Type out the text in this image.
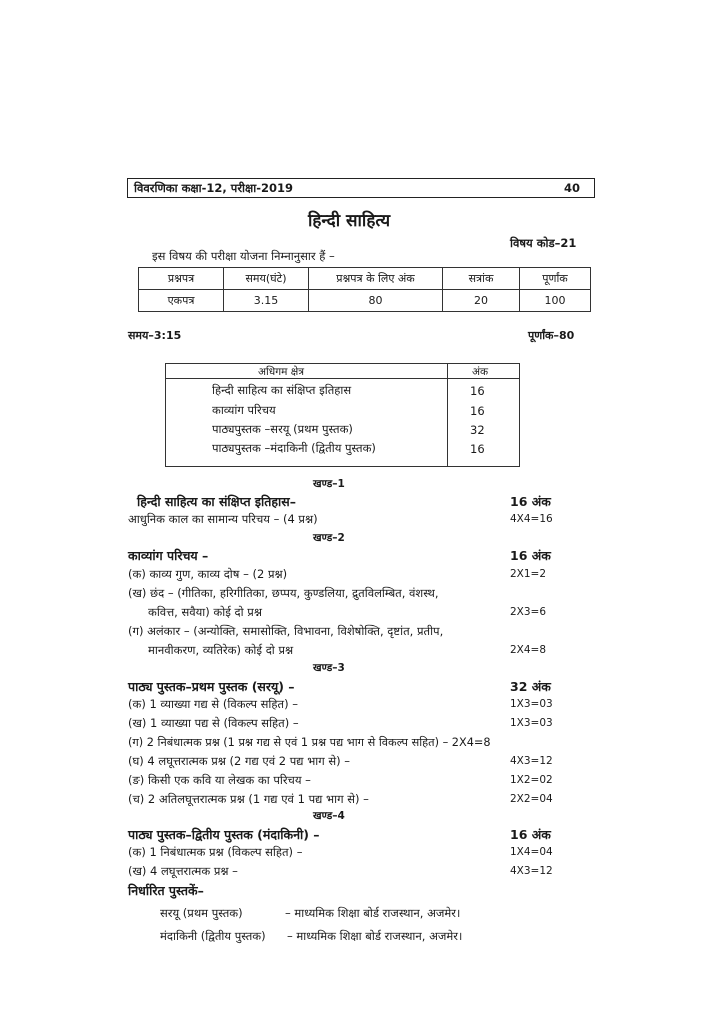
विवरणिका कक्षा-12, परीक्षा-2019	40
हिन्दी साहित्य
विषय कोड–21
इस विषय की परीक्षा योजना निम्नानुसार हैं –
प्रश्नपत्र	समय(घंटे)	प्रश्नपत्र के लिए अंक	सत्रांक	पूर्णांक
एकपत्र	3.15	80	20	100
समय–3:15	पूर्णांक–80
अधिगम क्षेत्र	अंक
हिन्दी साहित्य का संक्षिप्त इतिहास	16
काव्यांग परिचय	16
पाठ्यपुस्तक –सरयू (प्रथम पुस्तक)	32
पाठ्यपुस्तक –मंदाकिनी (द्वितीय पुस्तक)	16
खण्ड–1
हिन्दी साहित्य का संक्षिप्त इतिहास–	16 अंक
आधुनिक काल का सामान्य परिचय – (4 प्रश्न)	4X4=16
खण्ड–2
काव्यांग परिचय –	16 अंक
(क) काव्य गुण, काव्य दोष – (2 प्रश्न)	2X1=2
(ख) छंद – (गीतिका, हरिगीतिका, छप्पय, कुण्डलिया, द्रुतविलम्बित, वंशस्थ,
कवित्त, सवैया) कोई दो प्रश्न	2X3=6
(ग) अलंकार – (अन्योक्ति, समासोक्ति, विभावना, विशेषोक्ति, दृष्टांत, प्रतीप,
मानवीकरण, व्यतिरेक) कोई दो प्रश्न	2X4=8
खण्ड–3
पाठ्य पुस्तक–प्रथम पुस्तक (सरयू) –	32 अंक
(क) 1 व्याख्या गद्य से (विकल्प सहित) –	1X3=03
(ख) 1 व्याख्या पद्य से (विकल्प सहित) –	1X3=03
(ग) 2 निबंधात्मक प्रश्न (1 प्रश्न गद्य से एवं 1 प्रश्न पद्य भाग से विकल्प सहित) – 2X4=8
(घ) 4 लघूत्तरात्मक प्रश्न (2 गद्य एवं 2 पद्य भाग से) –	4X3=12
(ङ) किसी एक कवि या लेखक का परिचय –	1X2=02
(च) 2 अतिलघूत्तरात्मक प्रश्न (1 गद्य एवं 1 पद्य भाग से) –	2X2=04
खण्ड–4
पाठ्य पुस्तक–द्वितीय पुस्तक (मंदाकिनी) –	16 अंक
(क) 1 निबंधात्मक प्रश्न (विकल्प सहित) –	1X4=04
(ख) 4 लघूत्तरात्मक प्रश्न –	4X3=12
निर्धारित पुस्तकें–
सरयू (प्रथम पुस्तक)	– माध्यमिक शिक्षा बोर्ड राजस्थान, अजमेर।
मंदाकिनी (द्वितीय पुस्तक) – माध्यमिक शिक्षा बोर्ड राजस्थान, अजमेर।
